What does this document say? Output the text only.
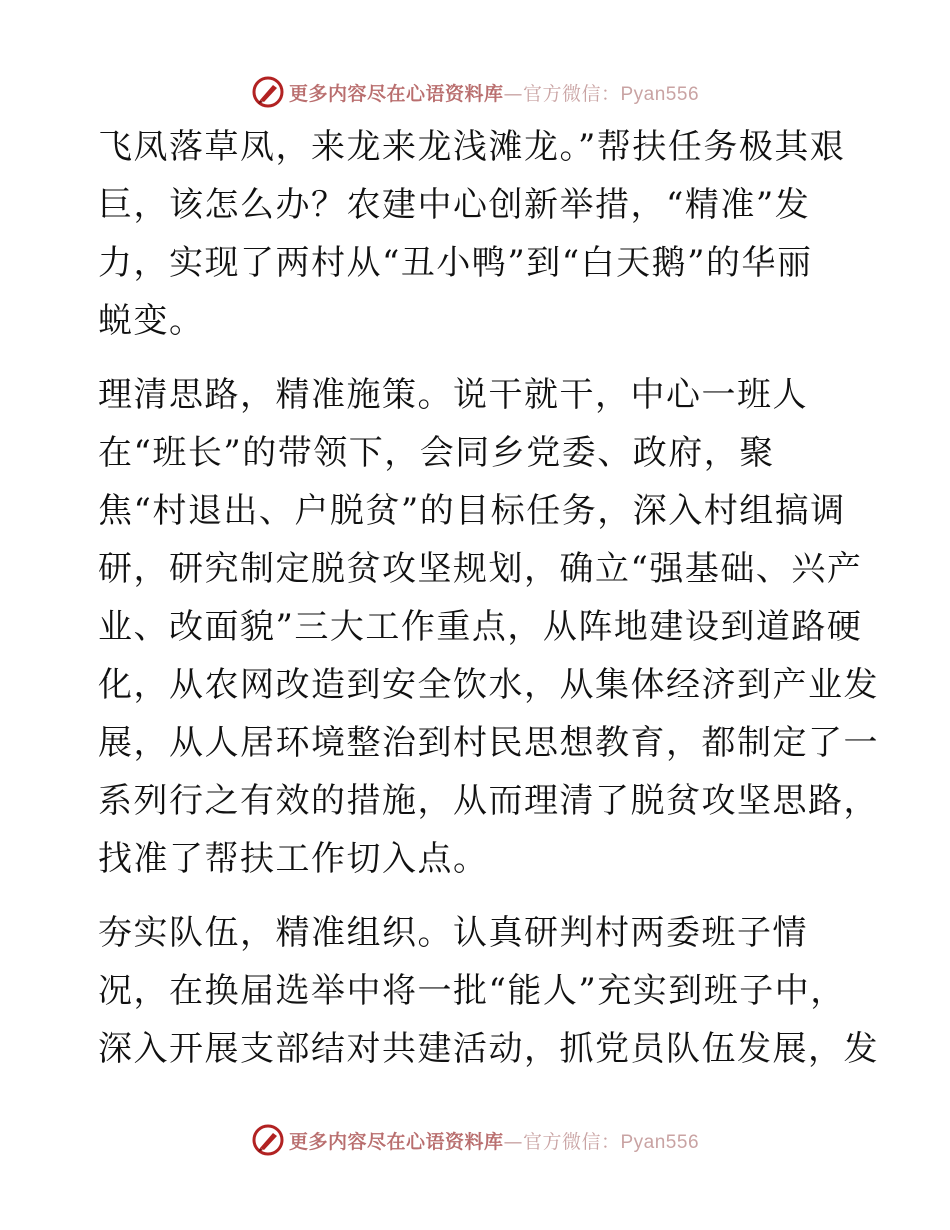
更多内容尽在心语资料库—官方微信：Pyan556
飞凤落草凤，来龙来龙浅滩龙。”帮扶任务极其艰
巨，该怎么办？农建中心创新举措，“精准”发
力，实现了两村从“丑小鸭”到“白天鹅”的华丽
蜕变。
理清思路，精准施策。说干就干，中心一班人
在“班长”的带领下，会同乡党委、政府，聚
焦“村退出、户脱贫”的目标任务，深入村组搞调
研，研究制定脱贫攻坚规划，确立“强基础、兴产
业、改面貌”三大工作重点，从阵地建设到道路硬
化，从农网改造到安全饮水，从集体经济到产业发
展，从人居环境整治到村民思想教育，都制定了一
系列行之有效的措施，从而理清了脱贫攻坚思路，
找准了帮扶工作切入点。
夯实队伍，精准组织。认真研判村两委班子情
况，在换届选举中将一批“能人”充实到班子中，
深入开展支部结对共建活动，抓党员队伍发展，发
更多内容尽在心语资料库—官方微信：Pyan556
